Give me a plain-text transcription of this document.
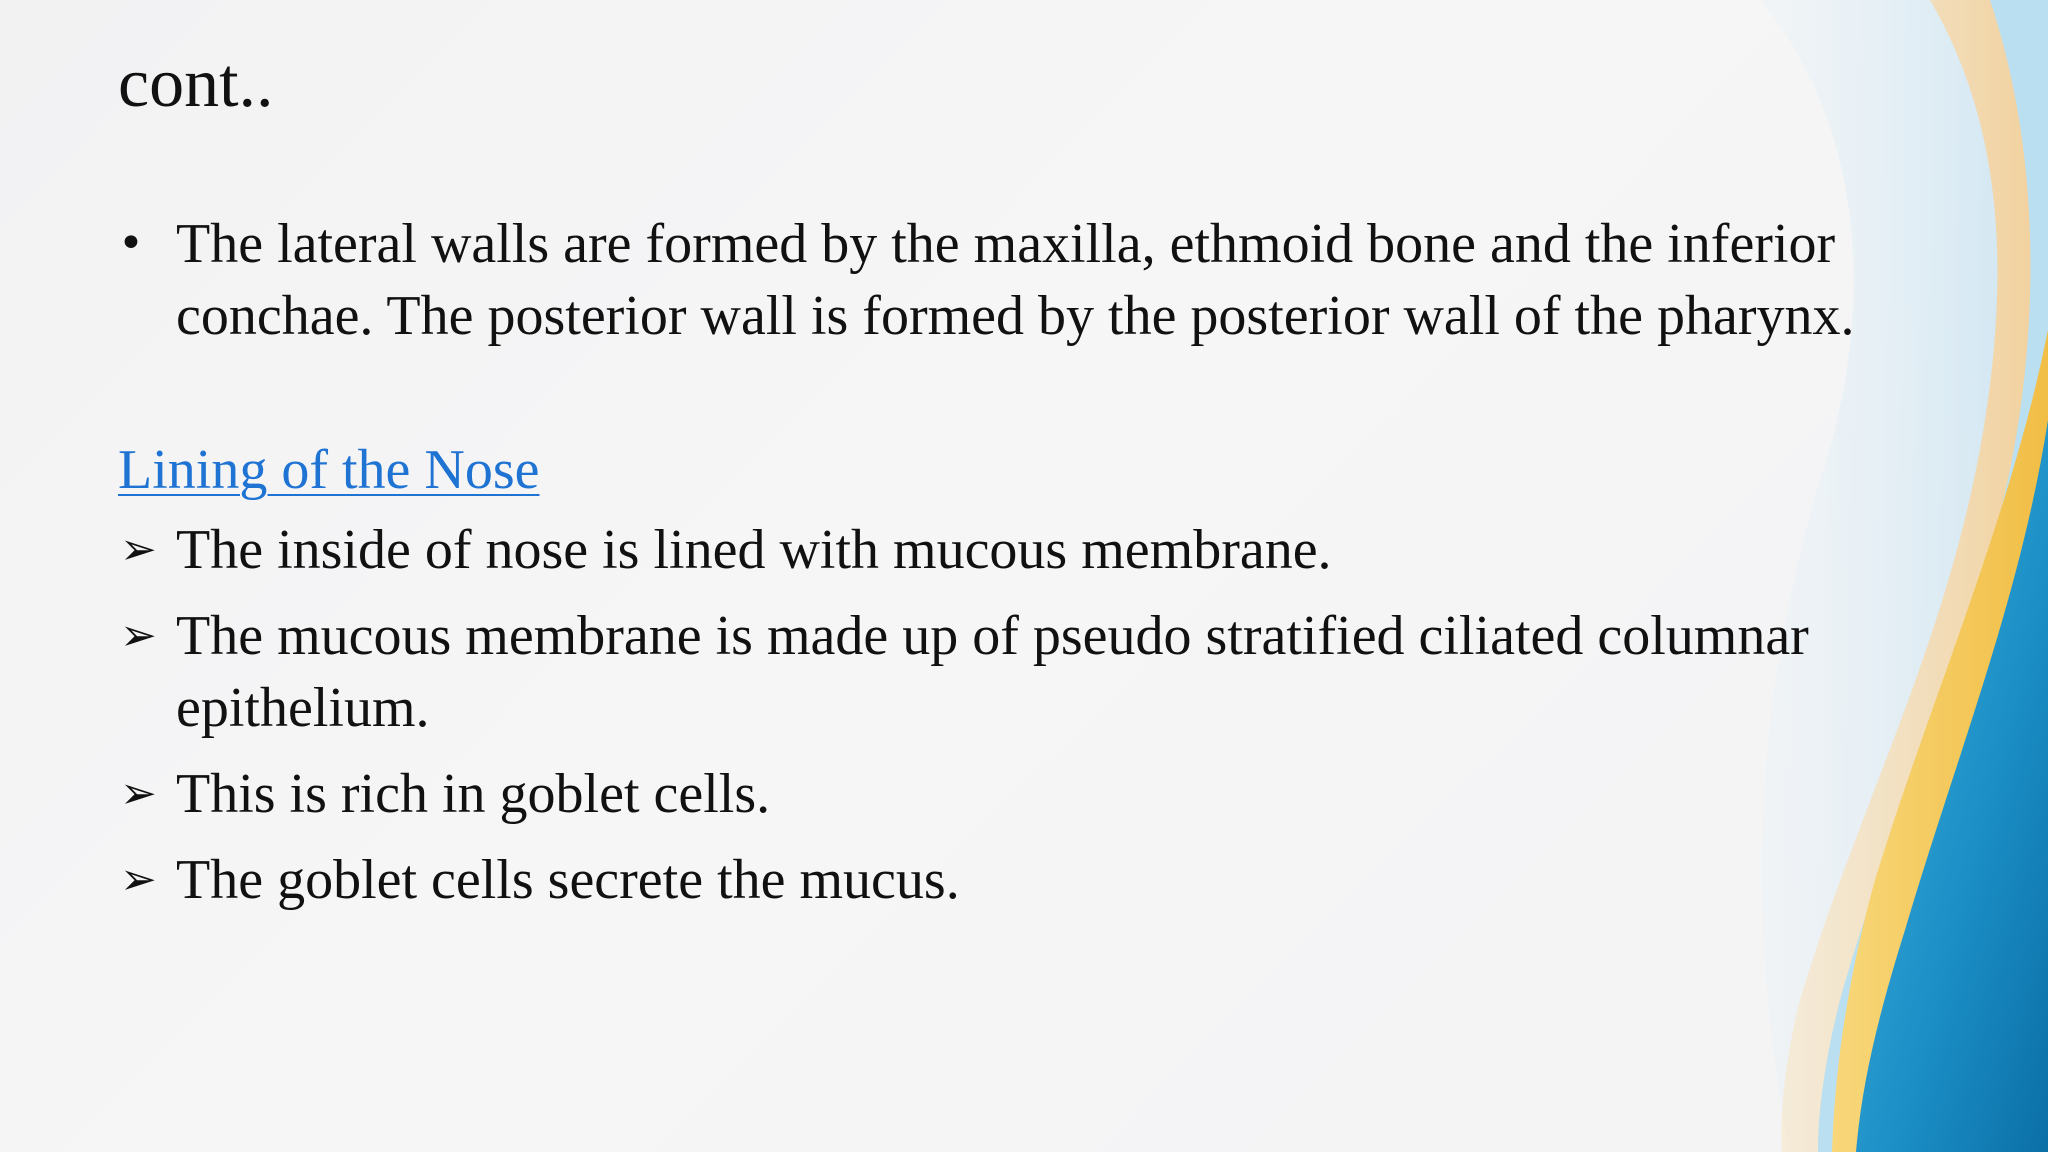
cont..
• The lateral walls are formed by the maxilla, ethmoid bone and the inferior conchae. The posterior wall is formed by the posterior wall of the pharynx.
Lining of the Nose
➢ The inside of nose is lined with mucous membrane.
➢ The mucous membrane is made up of pseudo stratified ciliated columnar epithelium.
➢ This is rich in goblet cells.
➢ The goblet cells secrete the mucus.
